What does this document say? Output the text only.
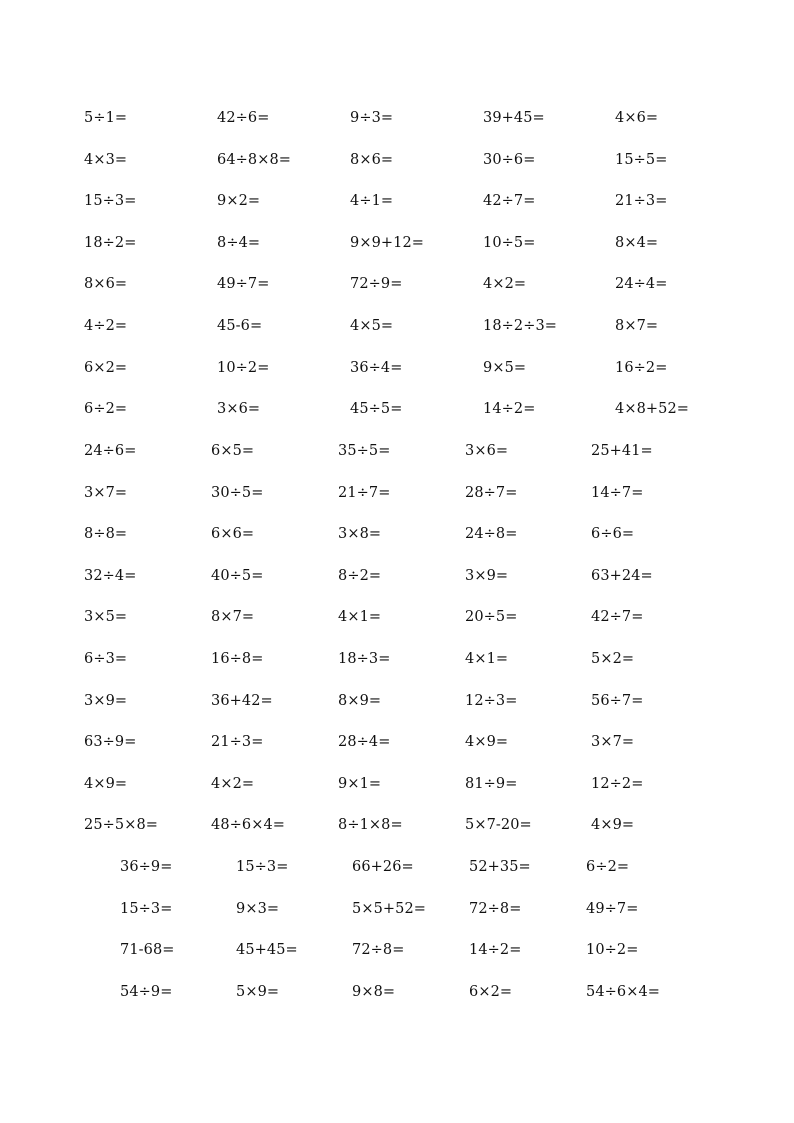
5÷1=	42÷6=	9÷3=	39+45=	4×6=
4×3=	64÷8×8=	8×6=	30÷6=	15÷5=
15÷3=	9×2=	4÷1=	42÷7=	21÷3=
18÷2=	8÷4=	9×9+12=	10÷5=	8×4=
8×6=	49÷7=	72÷9=	4×2=	24÷4=
4÷2=	45-6=	4×5=	18÷2÷3=	8×7=
6×2=	10÷2=	36÷4=	9×5=	16÷2=
6÷2=	3×6=	45÷5=	14÷2=	4×8+52=
24÷6=	6×5=	35÷5=	3×6=	25+41=
3×7=	30÷5=	21÷7=	28÷7=	14÷7=
8÷8=	6×6=	3×8=	24÷8=	6÷6=
32÷4=	40÷5=	8÷2=	3×9=	63+24=
3×5=	8×7=	4×1=	20÷5=	42÷7=
6÷3=	16÷8=	18÷3=	4×1=	5×2=
3×9=	36+42=	8×9=	12÷3=	56÷7=
63÷9=	21÷3=	28÷4=	4×9=	3×7=
4×9=	4×2=	9×1=	81÷9=	12÷2=
25÷5×8=	48÷6×4=	8÷1×8=	5×7-20=	4×9=
36÷9=	15÷3=	66+26=	52+35=	6÷2=
15÷3=	9×3=	5×5+52=	72÷8=	49÷7=
71-68=	45+45=	72÷8=	14÷2=	10÷2=
54÷9=	5×9=	9×8=	6×2=	54÷6×4=
